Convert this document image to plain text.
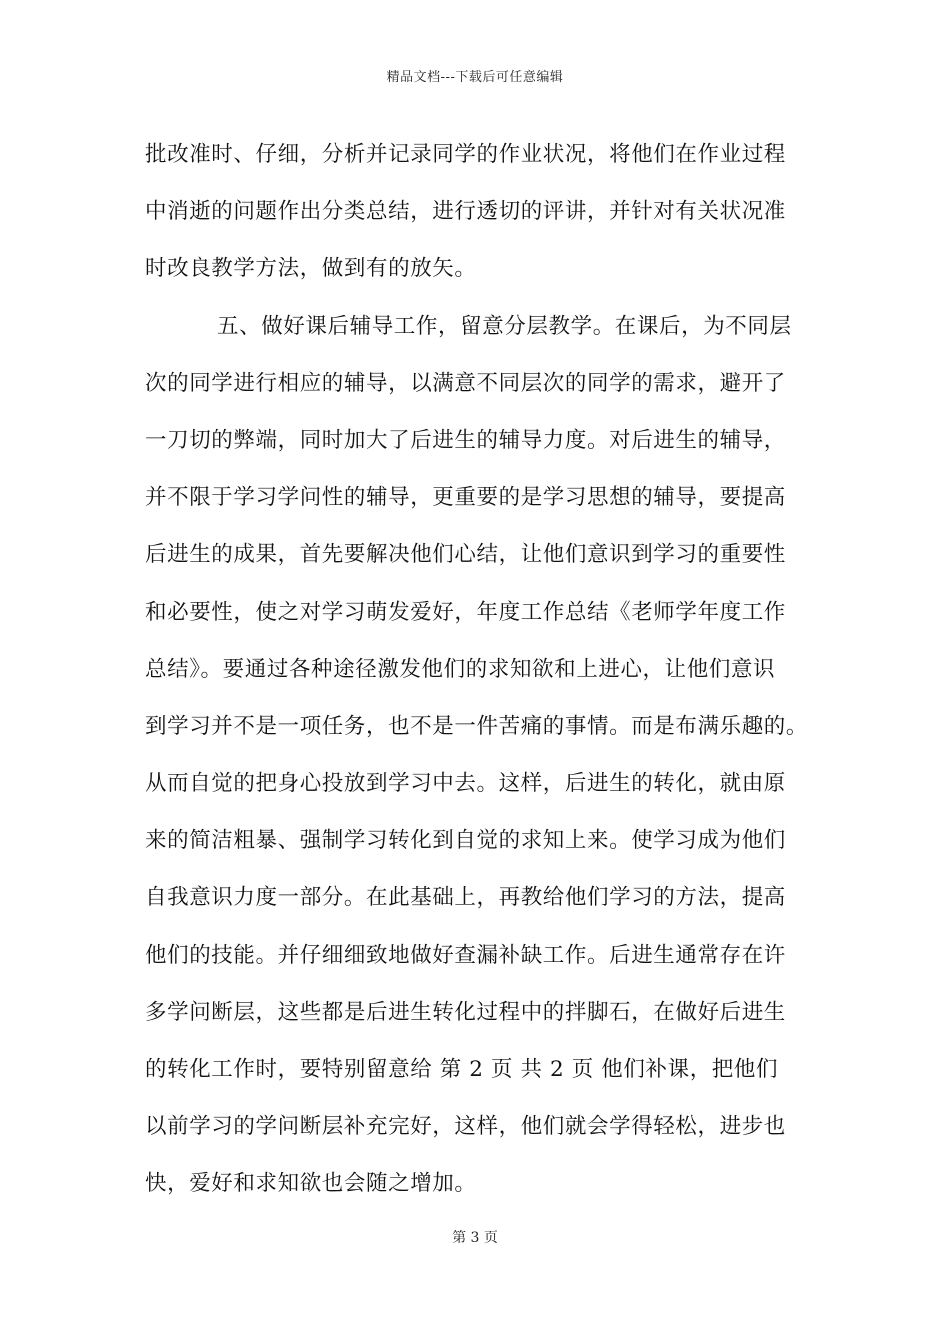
精品文档---下载后可任意编辑
批改准时、仔细，分析并记录同学的作业状况，将他们在作业过程
中消逝的问题作出分类总结，进行透切的评讲，并针对有关状况准
时改良教学方法，做到有的放矢。
五、做好课后辅导工作，留意分层教学。在课后，为不同层
次的同学进行相应的辅导，以满意不同层次的同学的需求，避开了
一刀切的弊端，同时加大了后进生的辅导力度。对后进生的辅导，
并不限于学习学问性的辅导，更重要的是学习思想的辅导，要提高
后进生的成果，首先要解决他们心结，让他们意识到学习的重要性
和必要性，使之对学习萌发爱好，年度工作总结《老师学年度工作
总结》。要通过各种途径激发他们的求知欲和上进心，让他们意识
到学习并不是一项任务，也不是一件苦痛的事情。而是布满乐趣的。
从而自觉的把身心投放到学习中去。这样，后进生的转化，就由原
来的简洁粗暴、强制学习转化到自觉的求知上来。使学习成为他们
自我意识力度一部分。在此基础上，再教给他们学习的方法，提高
他们的技能。并仔细细致地做好查漏补缺工作。后进生通常存在许
多学问断层，这些都是后进生转化过程中的拌脚石，在做好后进生
的转化工作时，要特别留意给 第 2 页 共 2 页 他们补课，把他们
以前学习的学问断层补充完好，这样，他们就会学得轻松，进步也
快，爱好和求知欲也会随之增加。
第 3 页
